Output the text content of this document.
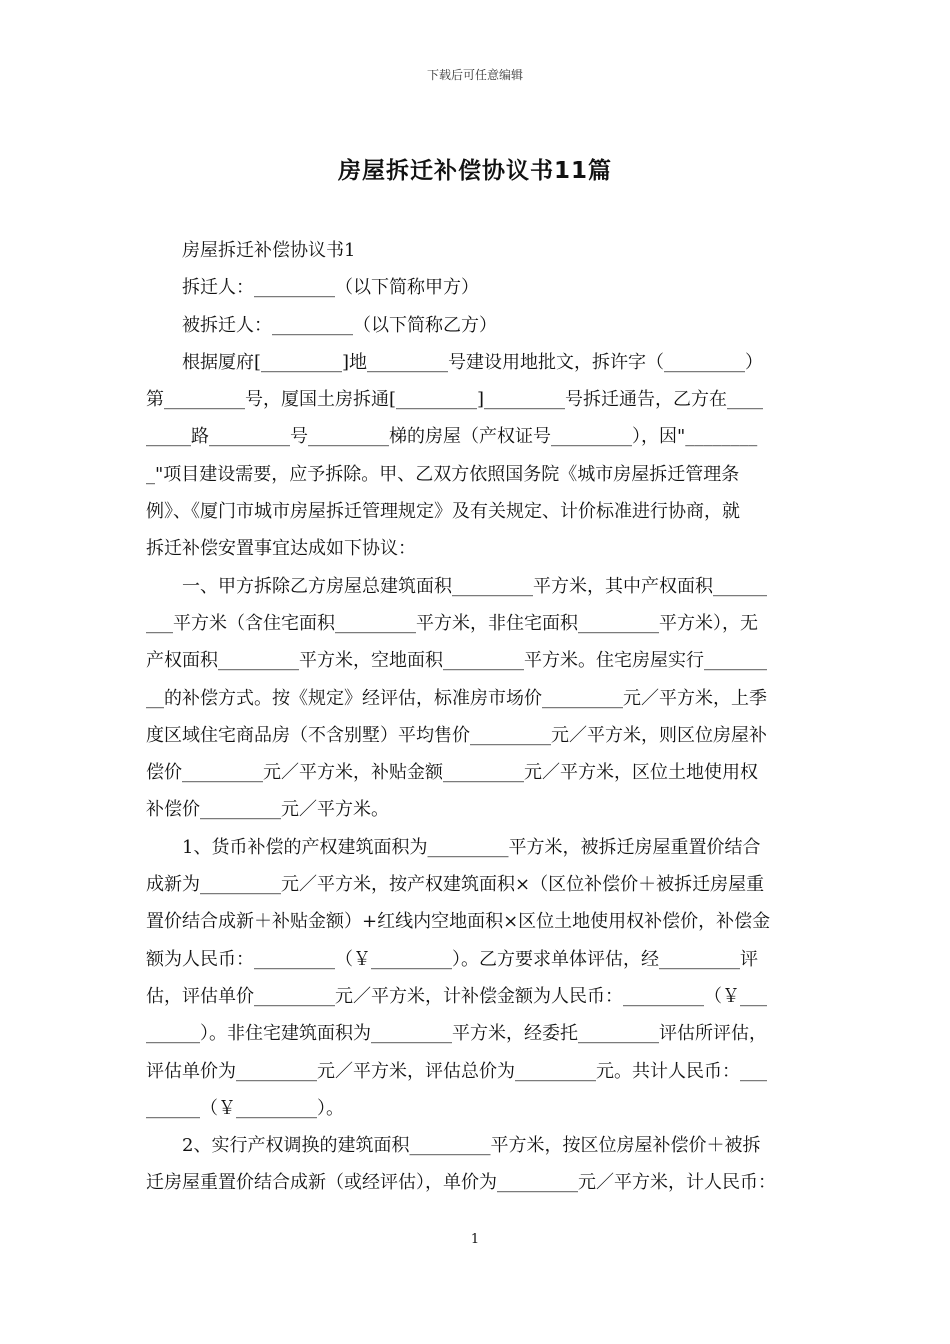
下载后可任意编辑
房屋拆迁补偿协议书11篇
　　房屋拆迁补偿协议书1
　　拆迁人：_________（以下简称甲方）
　　被拆迁人：_________（以下简称乙方）
　　根据厦府[_________]地_________号建设用地批文，拆许字（_________）
第_________号，厦国土房拆通[_________]_________号拆迁通告，乙方在____
_____路_________号_________梯的房屋（产权证号_________），因"________
_"项目建设需要，应予拆除。甲、乙双方依照国务院《城市房屋拆迁管理条
例》、《厦门市城市房屋拆迁管理规定》及有关规定、计价标准进行协商，就
拆迁补偿安置事宜达成如下协议：
　　一、甲方拆除乙方房屋总建筑面积_________平方米，其中产权面积______
___平方米（含住宅面积_________平方米，非住宅面积_________平方米），无
产权面积_________平方米，空地面积_________平方米。住宅房屋实行_______
__的补偿方式。按《规定》经评估，标准房市场价_________元／平方米，上季
度区域住宅商品房（不含别墅）平均售价_________元／平方米，则区位房屋补
偿价_________元／平方米，补贴金额_________元／平方米，区位土地使用权
补偿价_________元／平方米。
　　1、货币补偿的产权建筑面积为_________平方米，被拆迁房屋重置价结合
成新为_________元／平方米，按产权建筑面积×（区位补偿价＋被拆迁房屋重
置价结合成新＋补贴金额）+红线内空地面积×区位土地使用权补偿价，补偿金
额为人民币：_________（￥_________）。乙方要求单体评估，经_________评
估，评估单价_________元／平方米，计补偿金额为人民币：_________（￥___
______）。非住宅建筑面积为_________平方米，经委托_________评估所评估，
评估单价为_________元／平方米，评估总价为_________元。共计人民币：___
______（￥_________）。
　　2、实行产权调换的建筑面积_________平方米，按区位房屋补偿价＋被拆
迁房屋重置价结合成新（或经评估），单价为_________元／平方米，计人民币：
1
